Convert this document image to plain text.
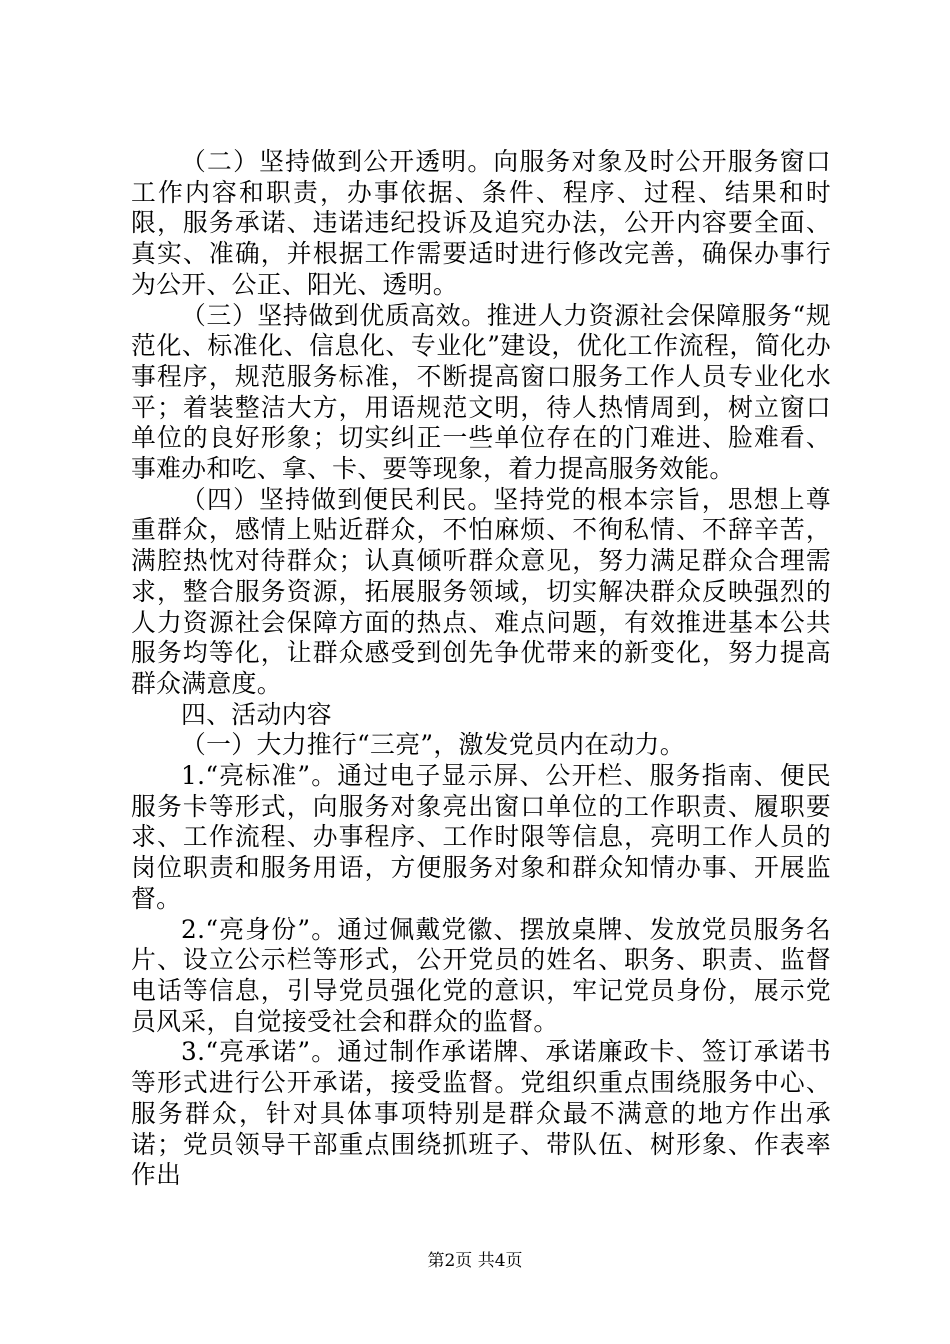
（二）坚持做到公开透明。向服务对象及时公开服务窗口工作内容和职责，办事依据、条件、程序、过程、结果和时限，服务承诺、违诺违纪投诉及追究办法，公开内容要全面、真实、准确，并根据工作需要适时进行修改完善，确保办事行为公开、公正、阳光、透明。

（三）坚持做到优质高效。推进人力资源社会保障服务“规范化、标准化、信息化、专业化”建设，优化工作流程，简化办事程序，规范服务标准，不断提高窗口服务工作人员专业化水平；着装整洁大方，用语规范文明，待人热情周到，树立窗口单位的良好形象；切实纠正一些单位存在的门难进、脸难看、事难办和吃、拿、卡、要等现象，着力提高服务效能。

（四）坚持做到便民利民。坚持党的根本宗旨，思想上尊重群众，感情上贴近群众，不怕麻烦、不徇私情、不辞辛苦，满腔热忱对待群众；认真倾听群众意见，努力满足群众合理需求，整合服务资源，拓展服务领域，切实解决群众反映强烈的人力资源社会保障方面的热点、难点问题，有效推进基本公共服务均等化，让群众感受到创先争优带来的新变化，努力提高群众满意度。

四、活动内容

（一）大力推行“三亮”，激发党员内在动力。

1.“亮标准”。通过电子显示屏、公开栏、服务指南、便民服务卡等形式，向服务对象亮出窗口单位的工作职责、履职要求、工作流程、办事程序、工作时限等信息，亮明工作人员的岗位职责和服务用语，方便服务对象和群众知情办事、开展监督。

2.“亮身份”。通过佩戴党徽、摆放桌牌、发放党员服务名片、设立公示栏等形式，公开党员的姓名、职务、职责、监督电话等信息，引导党员强化党的意识，牢记党员身份，展示党员风采，自觉接受社会和群众的监督。

3.“亮承诺”。通过制作承诺牌、承诺廉政卡、签订承诺书等形式进行公开承诺，接受监督。党组织重点围绕服务中心、服务群众，针对具体事项特别是群众最不满意的地方作出承诺；党员领导干部重点围绕抓班子、带队伍、树形象、作表率作出

第2页 共4页
